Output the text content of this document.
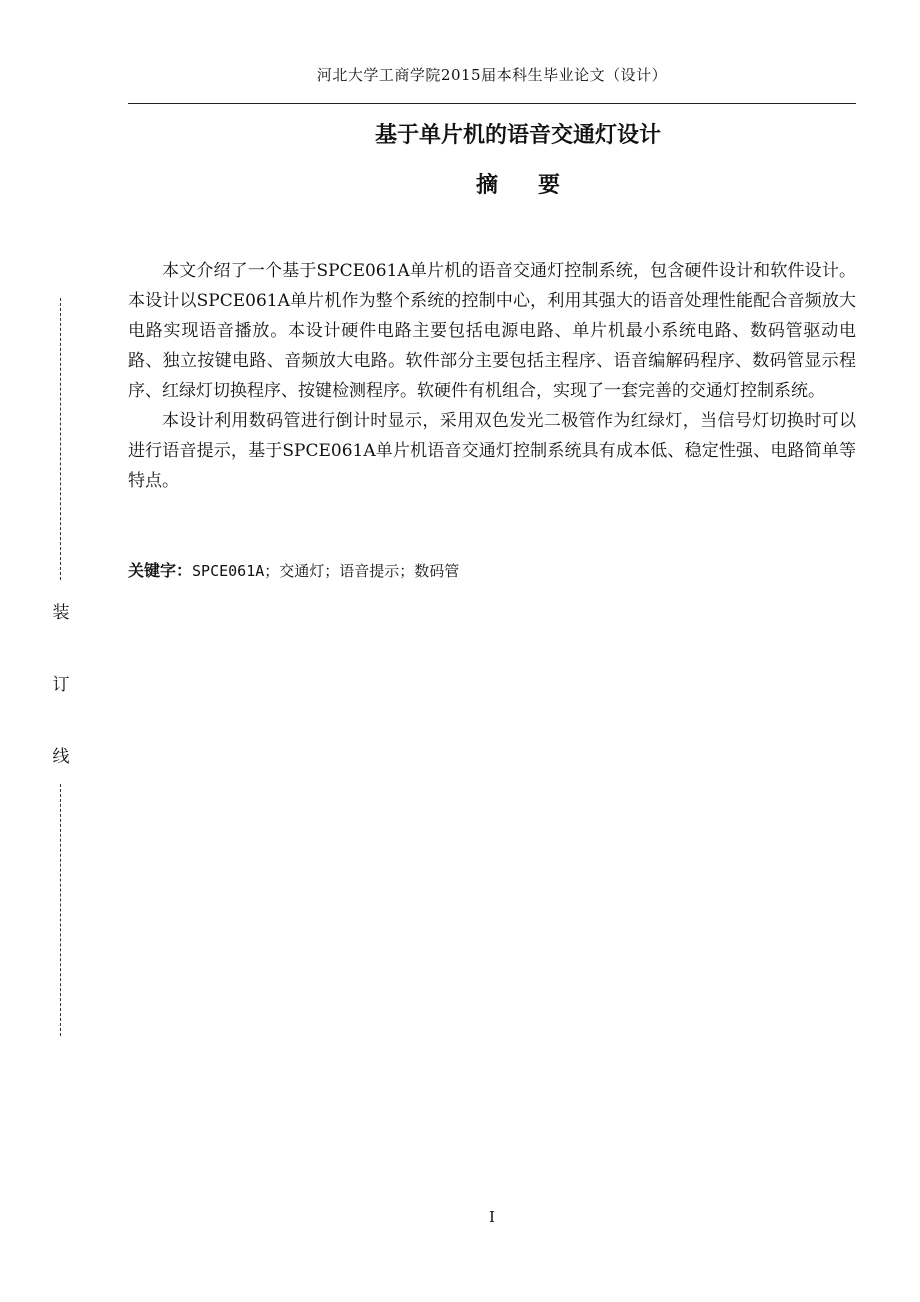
河北大学工商学院2015届本科生毕业论文（设计）
基于单片机的语音交通灯设计
摘要

本文介绍了一个基于SPCE061A单片机的语音交通灯控制系统，包含硬件设计和软件设计。本设计以SPCE061A单片机作为整个系统的控制中心，利用其强大的语音处理性能配合音频放大电路实现语音播放。本设计硬件电路主要包括电源电路、单片机最小系统电路、数码管驱动电路、独立按键电路、音频放大电路。软件部分主要包括主程序、语音编解码程序、数码管显示程序、红绿灯切换程序、按键检测程序。软硬件有机组合，实现了一套完善的交通灯控制系统。

本设计利用数码管进行倒计时显示，采用双色发光二极管作为红绿灯，当信号灯切换时可以进行语音提示，基于SPCE061A单片机语音交通灯控制系统具有成本低、稳定性强、电路简单等特点。

关键字：SPCE061A；交通灯；语音提示；数码管
装
订
线
I
